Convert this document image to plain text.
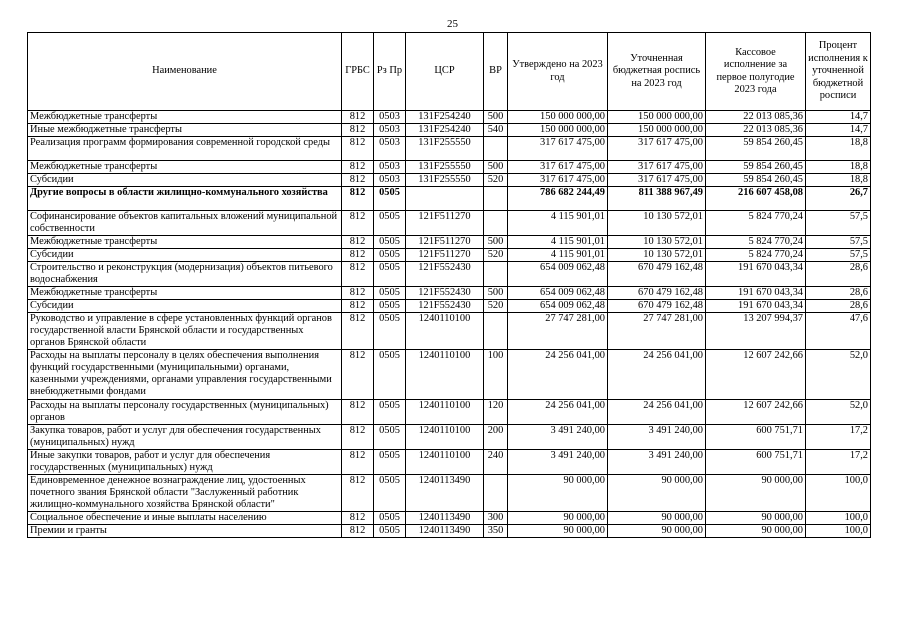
25
Наименование	ГРБС	Рз Пр	ЦСР	ВР	Утверждено на 2023 год	Уточненная бюджетная роспись на 2023 год	Кассовое исполнение за первое полугодие 2023 года	Процент исполнения к уточненной бюджетной росписи
Межбюджетные трансферты	812	0503	131F254240	500	150 000 000,00	150 000 000,00	22 013 085,36	14,7
Иные межбюджетные трансферты	812	0503	131F254240	540	150 000 000,00	150 000 000,00	22 013 085,36	14,7
Реализация программ формирования современной городской среды	812	0503	131F255550		317 617 475,00	317 617 475,00	59 854 260,45	18,8
Межбюджетные трансферты	812	0503	131F255550	500	317 617 475,00	317 617 475,00	59 854 260,45	18,8
Субсидии	812	0503	131F255550	520	317 617 475,00	317 617 475,00	59 854 260,45	18,8
Другие вопросы в области жилищно-коммунального хозяйства	812	0505			786 682 244,49	811 388 967,49	216 607 458,08	26,7
Софинансирование объектов капитальных вложений муниципальной собственности	812	0505	121F511270		4 115 901,01	10 130 572,01	5 824 770,24	57,5
Межбюджетные трансферты	812	0505	121F511270	500	4 115 901,01	10 130 572,01	5 824 770,24	57,5
Субсидии	812	0505	121F511270	520	4 115 901,01	10 130 572,01	5 824 770,24	57,5
Строительство и реконструкция (модернизация) объектов питьевого водоснабжения	812	0505	121F552430		654 009 062,48	670 479 162,48	191 670 043,34	28,6
Межбюджетные трансферты	812	0505	121F552430	500	654 009 062,48	670 479 162,48	191 670 043,34	28,6
Субсидии	812	0505	121F552430	520	654 009 062,48	670 479 162,48	191 670 043,34	28,6
Руководство и управление в сфере установленных функций органов государственной власти Брянской области и государственных органов Брянской области	812	0505	1240110100		27 747 281,00	27 747 281,00	13 207 994,37	47,6
Расходы на выплаты персоналу в целях обеспечения выполнения функций государственными (муниципальными) органами, казенными учреждениями, органами управления государственными внебюджетными фондами	812	0505	1240110100	100	24 256 041,00	24 256 041,00	12 607 242,66	52,0
Расходы на выплаты персоналу государственных (муниципальных) органов	812	0505	1240110100	120	24 256 041,00	24 256 041,00	12 607 242,66	52,0
Закупка товаров, работ и услуг для обеспечения государственных (муниципальных) нужд	812	0505	1240110100	200	3 491 240,00	3 491 240,00	600 751,71	17,2
Иные закупки товаров, работ и услуг для обеспечения государственных (муниципальных) нужд	812	0505	1240110100	240	3 491 240,00	3 491 240,00	600 751,71	17,2
Единовременное денежное вознаграждение лиц, удостоенных почетного звания Брянской области "Заслуженный работник жилищно-коммунального хозяйства Брянской области"	812	0505	1240113490		90 000,00	90 000,00	90 000,00	100,0
Социальное обеспечение и иные выплаты населению	812	0505	1240113490	300	90 000,00	90 000,00	90 000,00	100,0
Премии и гранты	812	0505	1240113490	350	90 000,00	90 000,00	90 000,00	100,0
